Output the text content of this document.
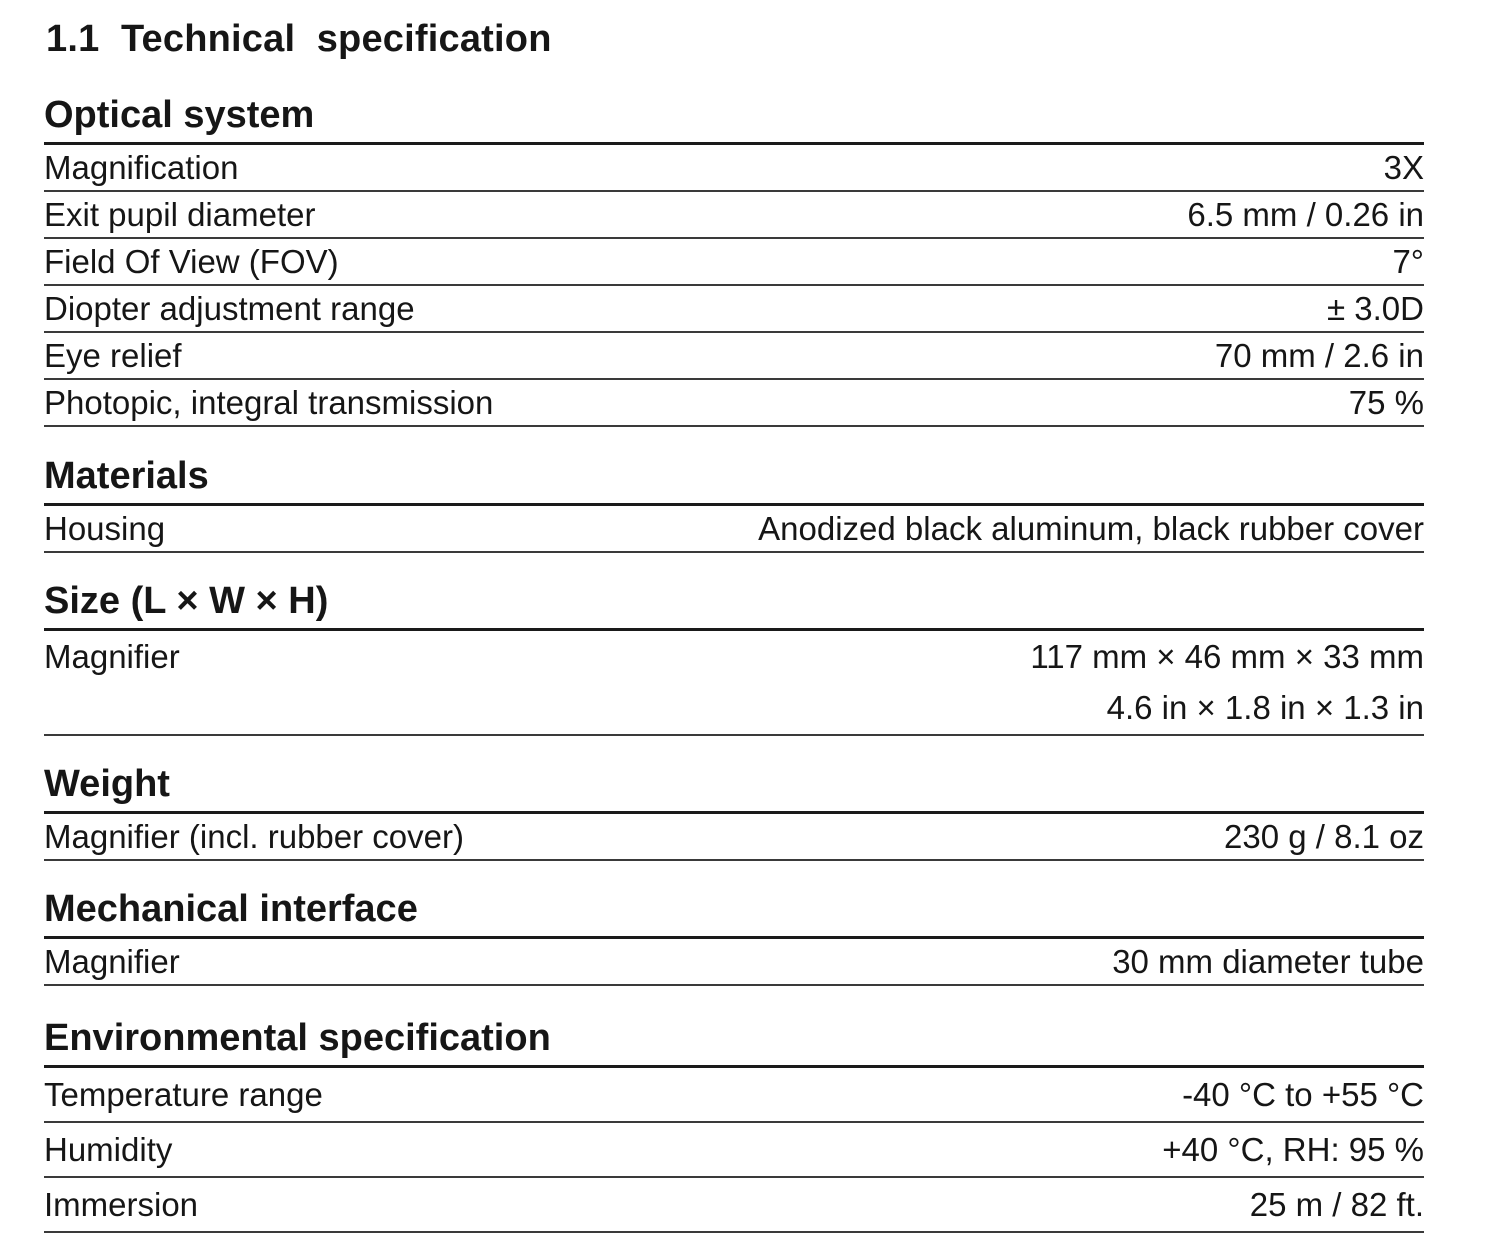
1.1  Technical  specification
Optical system
Magnification	3X
Exit pupil diameter	6.5 mm / 0.26 in
Field Of View (FOV)	7°
Diopter adjustment range	± 3.0D
Eye relief	70 mm / 2.6 in
Photopic, integral transmission	75 %
Materials
Housing	Anodized black aluminum, black rubber cover
Size (L × W × H)
Magnifier	117 mm × 46 mm × 33 mm
4.6 in × 1.8 in × 1.3 in
Weight
Magnifier (incl. rubber cover)	230 g / 8.1 oz
Mechanical interface
Magnifier	30 mm diameter tube
Environmental specification
Temperature range	-40 °C to +55 °C
Humidity	+40 °C, RH: 95 %
Immersion	25 m / 82 ft.
